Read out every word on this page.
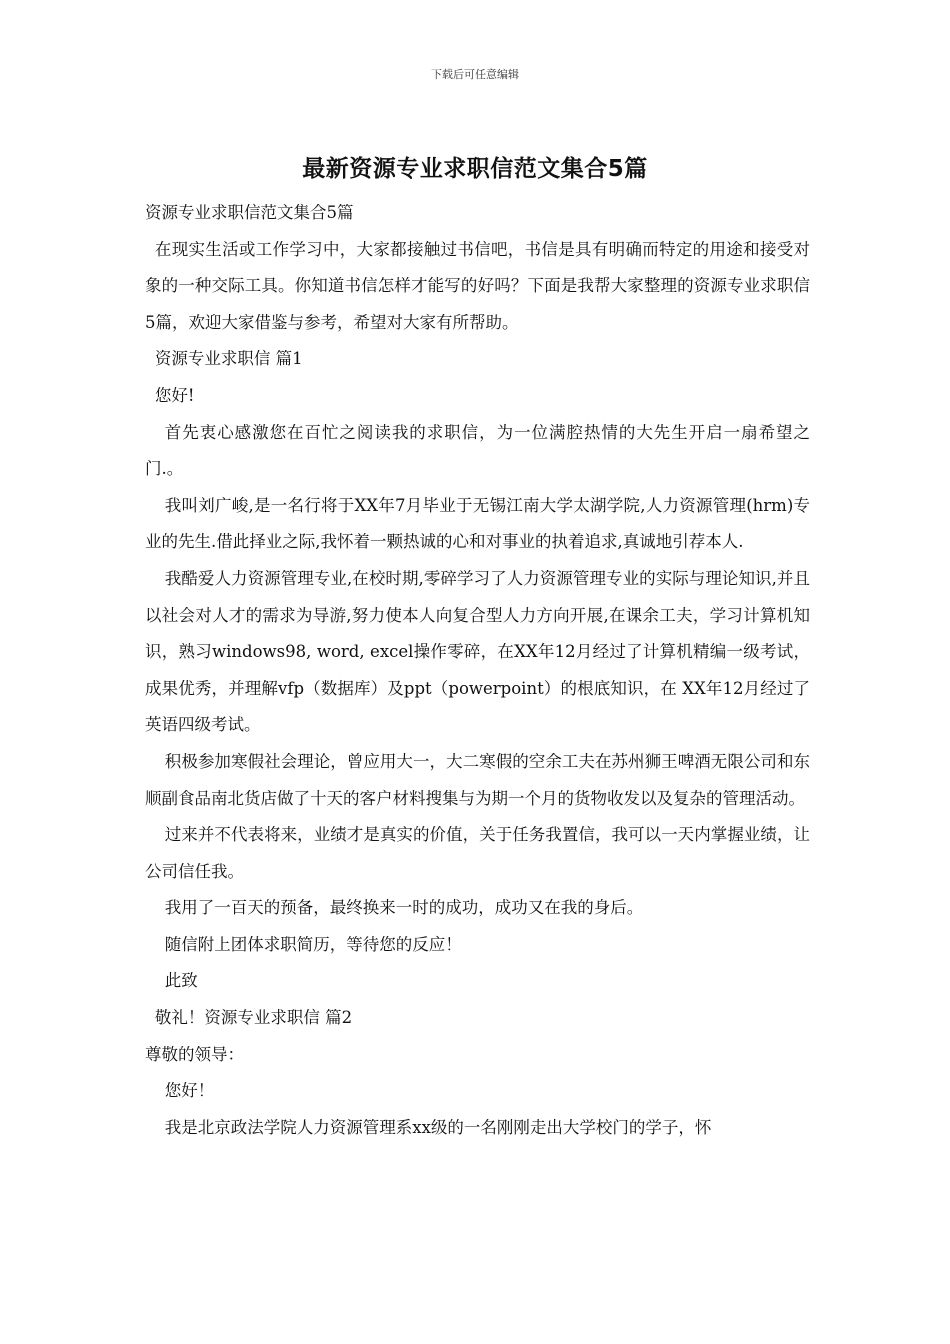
下载后可任意编辑
最新资源专业求职信范文集合5篇

资源专业求职信范文集合5篇

在现实生活或工作学习中，大家都接触过书信吧，书信是具有明确而特定的用途和接受对象的一种交际工具。你知道书信怎样才能写的好吗？下面是我帮大家整理的资源专业求职信5篇，欢迎大家借鉴与参考，希望对大家有所帮助。

资源专业求职信 篇1

您好!

首先衷心感激您在百忙之阅读我的求职信，为一位满腔热情的大先生开启一扇希望之门.。

我叫刘广峻,是一名行将于XX年7月毕业于无锡江南大学太湖学院,人力资源管理(hrm)专业的先生.借此择业之际,我怀着一颗热诚的心和对事业的执着追求,真诚地引荐本人.

我酷爱人力资源管理专业,在校时期,零碎学习了人力资源管理专业的实际与理论知识,并且以社会对人才的需求为导游,努力使本人向复合型人力方向开展,在课余工夫，学习计算机知识，熟习windows98, word, excel操作零碎，在XX年12月经过了计算机精编一级考试，成果优秀，并理解vfp（数据库）及ppt（powerpoint）的根底知识，在 XX年12月经过了英语四级考试。

积极参加寒假社会理论，曾应用大一，大二寒假的空余工夫在苏州狮王啤酒无限公司和东顺副食品南北货店做了十天的客户材料搜集与为期一个月的货物收发以及复杂的管理活动。

过来并不代表将来，业绩才是真实的价值，关于任务我置信，我可以一天内掌握业绩，让公司信任我。

我用了一百天的预备，最终换来一时的成功，成功又在我的身后。

随信附上团体求职简历，等待您的反应！

此致

敬礼！资源专业求职信 篇2

尊敬的领导：

您好！

我是北京政法学院人力资源管理系xx级的一名刚刚走出大学校门的学子，怀
